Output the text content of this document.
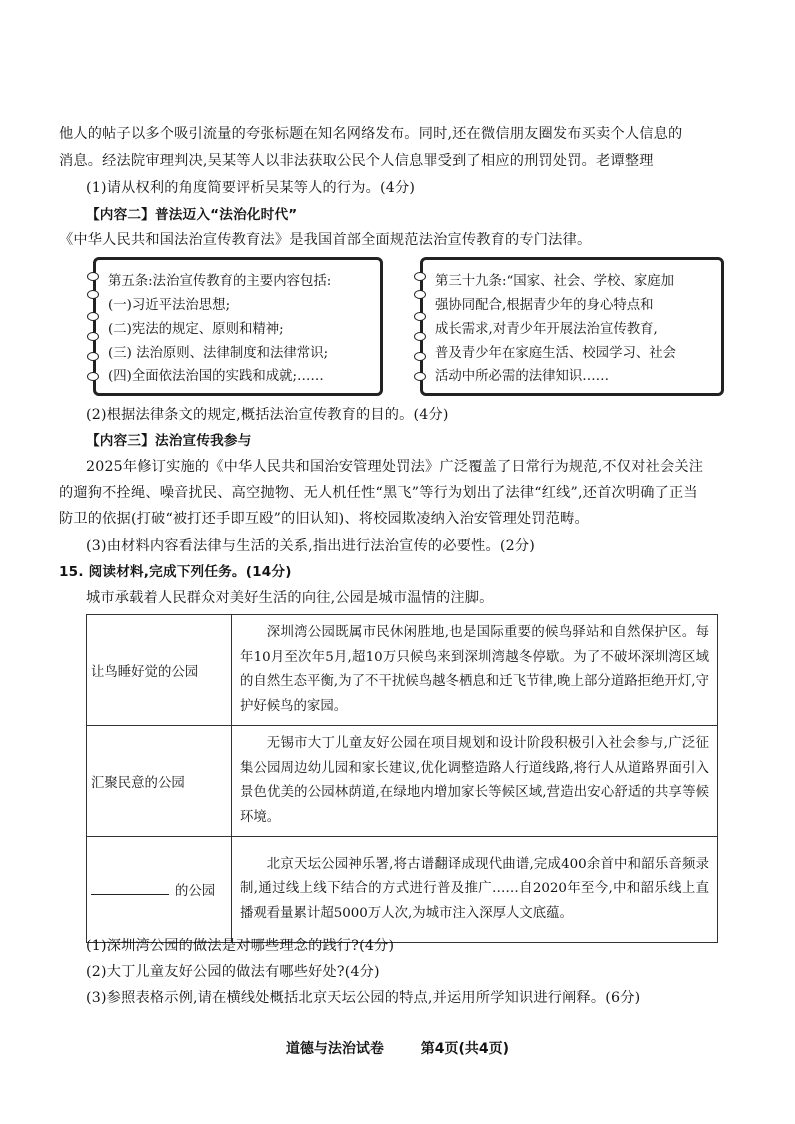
他人的帖子以多个吸引流量的夸张标题在知名网络发布。同时,还在微信朋友圈发布买卖个人信息的
消息。经法院审理判决,吴某等人以非法获取公民个人信息罪受到了相应的刑罚处罚。老谭整理
(1)请从权利的角度简要评析吴某等人的行为。(4分)
【内容二】普法迈入“法治化时代”
《中华人民共和国法治宣传教育法》是我国首部全面规范法治宣传教育的专门法律。
第五条:法治宣传教育的主要内容包括:
(一)习近平法治思想;
(二)宪法的规定、原则和精神;
(三) 法治原则、法律制度和法律常识;
(四)全面依法治国的实践和成就;……
第三十九条:“国家、社会、学校、家庭加
强协同配合,根据青少年的身心特点和
成长需求,对青少年开展法治宣传教育,
普及青少年在家庭生活、校园学习、社会
活动中所必需的法律知识……
(2)根据法律条文的规定,概括法治宣传教育的目的。(4分)
【内容三】法治宣传我参与
2025年修订实施的《中华人民共和国治安管理处罚法》广泛覆盖了日常行为规范,不仅对社会关注
的遛狗不拴绳、噪音扰民、高空抛物、无人机任性“黑飞”等行为划出了法律“红线”,还首次明确了正当
防卫的依据(打破“被打还手即互殴”的旧认知)、将校园欺凌纳入治安管理处罚范畴。
(3)由材料内容看法律与生活的关系,指出进行法治宣传的必要性。(2分)
15. 阅读材料,完成下列任务。(14分)
城市承载着人民群众对美好生活的向往,公园是城市温情的注脚。
让鸟睡好觉的公园	深圳湾公园既属市民休闲胜地,也是国际重要的候鸟驿站和自然保护区。每年10月至次年5月,超10万只候鸟来到深圳湾越冬停歇。为了不破坏深圳湾区域的自然生态平衡,为了不干扰候鸟越冬栖息和迁飞节律,晚上部分道路拒绝开灯,守护好候鸟的家园。
汇聚民意的公园	无锡市大丁儿童友好公园在项目规划和设计阶段积极引入社会参与,广泛征集公园周边幼儿园和家长建议,优化调整造路人行道线路,将行人从道路界面引入景色优美的公园林荫道,在绿地内增加家长等候区域,营造出安心舒适的共享等候环境。
的公园	北京天坛公园神乐署,将古谱翻译成现代曲谱,完成400余首中和韶乐音频录制,通过线上线下结合的方式进行普及推广……自2020年至今,中和韶乐线上直播观看量累计超5000万人次,为城市注入深厚人文底蕴。
(1)深圳湾公园的做法是对哪些理念的践行?(4分)
(2)大丁儿童友好公园的做法有哪些好处?(4分)
(3)参照表格示例,请在横线处概括北京天坛公园的特点,并运用所学知识进行阐释。(6分)
道德与法治试卷	第4页(共4页)
